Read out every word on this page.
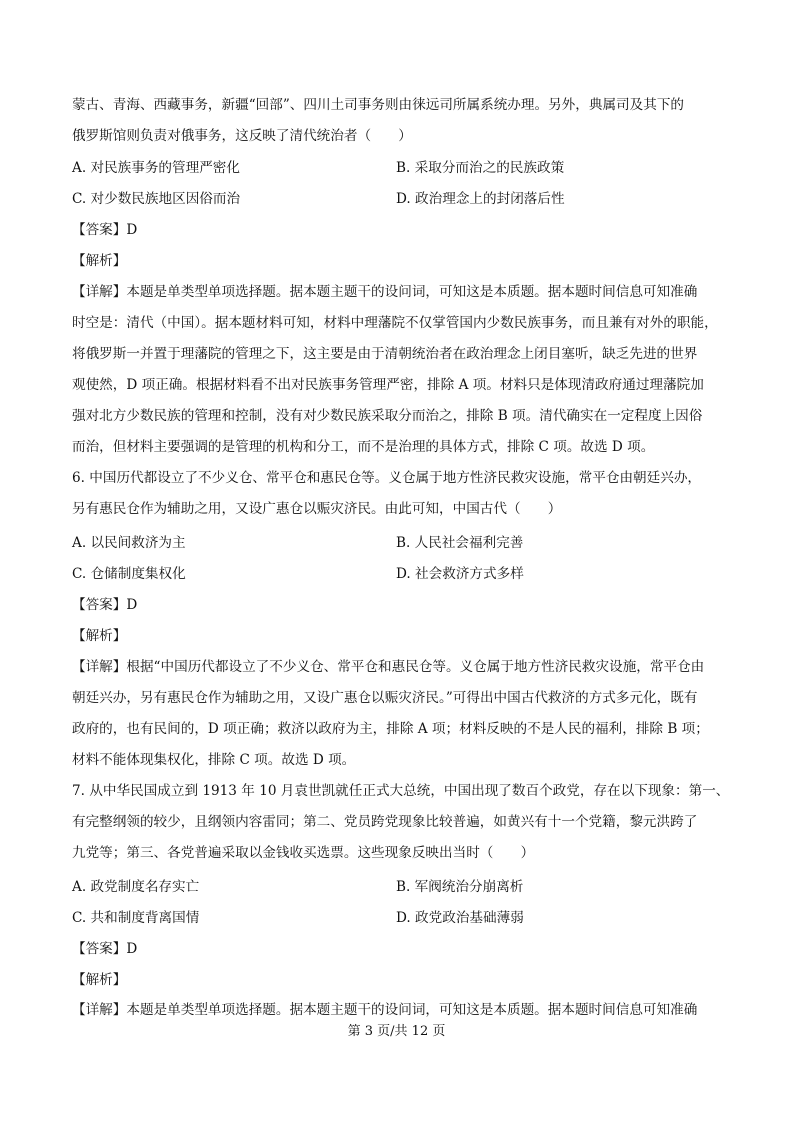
蒙古、青海、西藏事务，新疆“回部”、四川土司事务则由徕远司所属系统办理。另外，典属司及其下的
俄罗斯馆则负责对俄事务，这反映了清代统治者（　　）
A. 对民族事务的管理严密化	B. 采取分而治之的民族政策
C. 对少数民族地区因俗而治	D. 政治理念上的封闭落后性
【答案】D
【解析】
【详解】本题是单类型单项选择题。据本题主题干的设问词，可知这是本质题。据本题时间信息可知准确
时空是：清代（中国）。据本题材料可知，材料中理藩院不仅掌管国内少数民族事务，而且兼有对外的职能，
将俄罗斯一并置于理藩院的管理之下，这主要是由于清朝统治者在政治理念上闭目塞听，缺乏先进的世界
观使然，D 项正确。根据材料看不出对民族事务管理严密，排除 A 项。材料只是体现清政府通过理藩院加
强对北方少数民族的管理和控制，没有对少数民族采取分而治之，排除 B 项。清代确实在一定程度上因俗
而治，但材料主要强调的是管理的机构和分工，而不是治理的具体方式，排除 C 项。故选 D 项。
6. 中国历代都设立了不少义仓、常平仓和惠民仓等。义仓属于地方性济民救灾设施，常平仓由朝廷兴办，
另有惠民仓作为辅助之用，又设广惠仓以赈灾济民。由此可知，中国古代（　　）
A. 以民间救济为主	B. 人民社会福利完善
C. 仓储制度集权化	D. 社会救济方式多样
【答案】D
【解析】
【详解】根据“中国历代都设立了不少义仓、常平仓和惠民仓等。义仓属于地方性济民救灾设施，常平仓由
朝廷兴办，另有惠民仓作为辅助之用，又设广惠仓以赈灾济民。”可得出中国古代救济的方式多元化，既有
政府的，也有民间的，D 项正确；救济以政府为主，排除 A 项；材料反映的不是人民的福利，排除 B 项；
材料不能体现集权化，排除 C 项。故选 D 项。
7. 从中华民国成立到 1913 年 10 月袁世凯就任正式大总统，中国出现了数百个政党，存在以下现象：第一、
有完整纲领的较少，且纲领内容雷同；第二、党员跨党现象比较普遍，如黄兴有十一个党籍，黎元洪跨了
九党等；第三、各党普遍采取以金钱收买选票。这些现象反映出当时（　　）
A. 政党制度名存实亡	B. 军阀统治分崩离析
C. 共和制度背离国情	D. 政党政治基础薄弱
【答案】D
【解析】
【详解】本题是单类型单项选择题。据本题主题干的设问词，可知这是本质题。据本题时间信息可知准确
第 3 页/共 12 页
